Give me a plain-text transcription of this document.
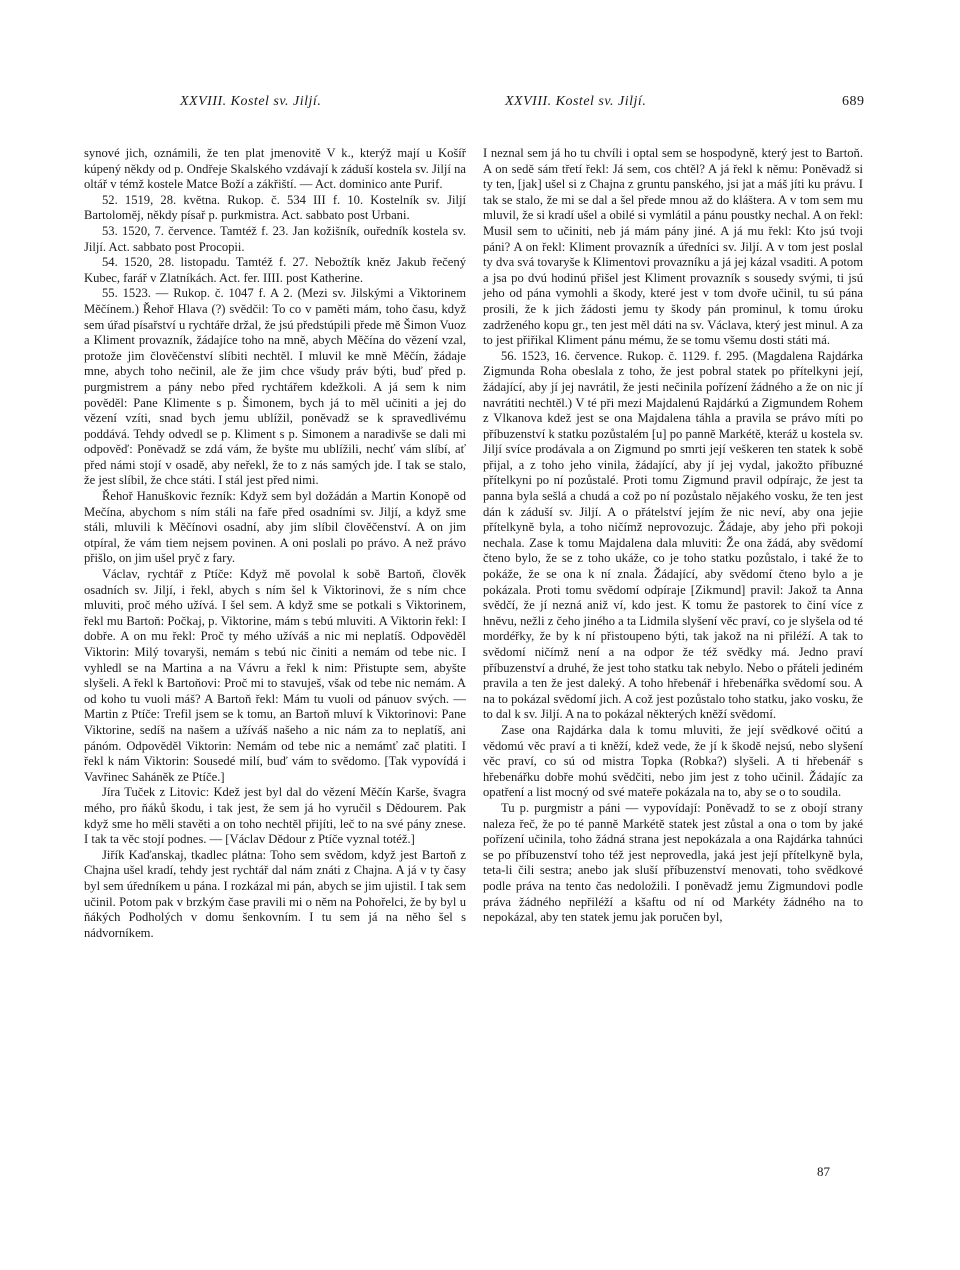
XXVIII. Kostel sv. Jiljí.	XXVIII. Kostel sv. Jiljí.	689

synové jich, oznámili, že ten plat jmenovitě V k., kterýž mají u Košíř kúpený někdy od p. Ondřeje Skalského vzdávají k záduší kostela sv. Jiljí na oltář v témž kostele Matce Boží a zákřiští. — Act. dominico ante Purif.

52. 1519, 28. května. Rukop. č. 534 III f. 10. Kostelník sv. Jiljí Bartoloměj, někdy písař p. purkmistra. Act. sabbato post Urbani.

53. 1520, 7. července. Tamtéž f. 23. Jan kožišník, ouředník kostela sv. Jiljí. Act. sabbato post Procopii.

54. 1520, 28. listopadu. Tamtéž f. 27. Nebožtík kněz Jakub řečený Kubec, farář v Zlatníkách. Act. fer. IIII. post Katherine.

55. 1523. — Rukop. č. 1047 f. A 2. (Mezi sv. Jilskými a Viktorinem Měčínem.) Řehoř Hlava (?) svědčil: To co v paměti mám, toho času, když sem úřad písařství u rychtáře držal, že jsú předstúpili přede mě Šimon Vuoz a Kliment provazník, žádajíce toho na mně, abych Měčína do vězení vzal, protože jim člověčenství slíbiti nechtěl. I mluvil ke mně Měčín, žádaje mne, abych toho nečinil, ale že jim chce všudy práv býti, buď před p. purgmistrem a pány nebo před rychtářem kdežkoli. A já sem k nim pověděl: Pane Klimente s p. Šimonem, bych já to měl učiniti a jej do vězení vzíti, snad bych jemu ublížil, poněvadž se k spravedlivému poddává. Tehdy odvedl se p. Kliment s p. Simonem a naradivše se dali mi odpověď: Poněvadž se zdá vám, že byšte mu ublížili, nechť vám slíbí, ať před námi stojí v osadě, aby neřekl, že to z nás samých jde. I tak se stalo, že jest slíbil, že chce státi. I stál jest před nimi.

Řehoř Hanuškovic řezník: Když sem byl dožádán a Martin Konopě od Mečína, abychom s ním stáli na faře před osadními sv. Jiljí, a když sme stáli, mluvili k Měčínovi osadní, aby jim slíbil člověčenství. A on jim otpíral, že vám tiem nejsem povinen. A oni poslali po právo. A než právo přišlo, on jim ušel pryč z fary.

Václav, rychtář z Ptíče: Když mě povolal k sobě Bartoň, člověk osadních sv. Jiljí, i řekl, abych s ním šel k Viktorinovi, že s ním chce mluviti, proč mého užívá. I šel sem. A když sme se potkali s Viktorinem, řekl mu Bartoň: Počkaj, p. Viktorine, mám s tebú mluviti. A Viktorin řekl: I dobře. A on mu řekl: Proč ty mého užíváš a nic mi neplatíš. Odpověděl Viktorin: Milý tovaryši, nemám s tebú nic činiti a nemám od tebe nic. I vyhledl se na Martina a na Vávru a řekl k nim: Přistupte sem, abyšte slyšeli. A řekl k Bartoňovi: Proč mi to stavuješ, však od tebe nic nemám. A od koho tu vuoli máš? A Bartoň řekl: Mám tu vuoli od pánuov svých. — Martin z Ptíče: Trefil jsem se k tomu, an Bartoň mluví k Viktorinovi: Pane Viktorine, sedíš na našem a užíváš našeho a nic nám za to neplatíš, ani pánóm. Odpověděl Viktorin: Nemám od tebe nic a nemámť zač platiti. I řekl k nám Viktorin: Sousedé milí, buď vám to svědomo. [Tak vypovídá i Vavřinec Saháněk ze Ptíče.]

Jíra Tuček z Litovic: Kdež jest byl dal do vězení Měčín Karše, švagra mého, pro ňáků škodu, i tak jest, že sem já ho vyručil s Dědourem. Pak když sme ho měli stavěti a on toho nechtěl přijíti, leč to na své pány znese. I tak ta věc stojí podnes. — [Václav Dědour z Ptíče vyznal totéž.]

Jiřík Kaďanskaj, tkadlec plátna: Toho sem svědom, když jest Bartoň z Chajna ušel kradí, tehdy jest rychtář dal nám znáti z Chajna. A já v ty časy byl sem úředníkem u pána. I rozkázal mi pán, abych se jim ujistil. I tak sem učinil. Potom pak v brzkým čase pravili mi o něm na Pohořelci, že by byl u ňákých Podholých v domu šenkovním. I tu sem já na něho šel s nádvorníkem.

I neznal sem já ho tu chvíli i optal sem se hospodyně, který jest to Bartoň. A on sedě sám třetí řekl: Já sem, cos chtěl? A já řekl k němu: Poněvadž si ty ten, [jak] ušel si z Chajna z gruntu panského, jsi jat a máš jíti ku právu. I tak se stalo, že mi se dal a šel přede mnou až do kláštera. A v tom sem mu mluvil, že si kradí ušel a obilé si vymlátil a pánu poustky nechal. A on řekl: Musil sem to učiniti, neb já mám pány jiné. A já mu řekl: Kto jsú tvoji páni? A on řekl: Kliment provazník a úředníci sv. Jiljí. A v tom jest poslal ty dva svá tovaryše k Klimentovi provazníku a já jej kázal vsaditi. A potom a jsa po dvú hodinú přišel jest Kliment provazník s sousedy svými, ti jsú jeho od pána vymohli a škody, které jest v tom dvoře učinil, tu sú pána prosili, že k jich žádosti jemu ty škody pán prominul, k tomu úroku zadrženého kopu gr., ten jest měl dáti na sv. Václava, který jest minul. A za to jest přiřikal Kliment pánu mému, že se tomu všemu dosti státi má.

56. 1523, 16. července. Rukop. č. 1129. f. 295. (Magdalena Rajdárka Zigmunda Roha obeslala z toho, že jest pobral statek po přítelkyni její, žádající, aby jí jej navrátil, že jesti nečinila pořízení žádného a že on nic jí navrátiti nechtěl.) V té při mezi Majdalenú Rajdárkú a Zigmundem Rohem z Vlkanova kdež jest se ona Majdalena táhla a pravila se právo míti po příbuzenství k statku pozůstalém [u] po panně Markétě, kteráž u kostela sv. Jiljí svíce prodávala a on Zigmund po smrti její veškeren ten statek k sobě přijal, a z toho jeho vinila, žádající, aby jí jej vydal, jakožto příbuzné přítelkyni po ní pozůstalé. Proti tomu Zigmund pravil odpírajc, že jest ta panna byla sešlá a chudá a což po ní pozůstalo nějakého vosku, že ten jest dán k záduší sv. Jiljí. A o přátelství jejím že nic neví, aby ona jejie přítelkyně byla, a toho ničímž neprovozujc. Žádaje, aby jeho při pokoji nechala. Zase k tomu Majdalena dala mluviti: Že ona žádá, aby svědomí čteno bylo, že se z toho ukáže, co je toho statku pozůstalo, i také že to pokáže, že se ona k ní znala. Žádající, aby svědomí čteno bylo a je pokázala. Proti tomu svědomí odpíraje [Zikmund] pravil: Jakož ta Anna svědčí, že jí nezná aniž ví, kdo jest. K tomu že pastorek to činí více z hněvu, nežli z čeho jiného a ta Lidmila slyšení věc praví, co je slyšela od té mordéřky, že by k ní přistoupeno býti, tak jakož na ni přiléží. A tak to svědomí ničímž není a na odpor že též svědky má. Jedno praví příbuzenství a druhé, že jest toho statku tak nebylo. Nebo o přáteli jediném pravila a ten že jest daleký. A toho hřebenář i hřebenářka svědomí sou. A na to pokázal svědomí jich. A což jest pozůstalo toho statku, jako vosku, že to dal k sv. Jiljí. A na to pokázal některých kněží svědomí.

Zase ona Rajdárka dala k tomu mluviti, že její svědkové očitú a vědomú věc praví a ti kněží, kdež vede, že jí k škodě nejsú, nebo slyšení věc praví, co sú od mistra Topka (Robka?) slyšeli. A ti hřebenář s hřebenářku dobře mohú svědčiti, nebo jim jest z toho učinil. Žádajíc za opatření a list mocný od své mateře pokázala na to, aby se o to soudila.

Tu p. purgmistr a páni — vypovídají: Poněvadž to se z obojí strany naleza řeč, že po té panně Markétě statek jest zůstal a ona o tom by jaké pořízení učinila, toho žádná strana jest nepokázala a ona Rajdárka tahnúci se po příbuzenství toho též jest neprovedla, jaká jest její přítelkyně byla, teta-li čili sestra; anebo jak sluší příbuzenství menovati, toho svědkové podle práva na tento čas nedoložili. I poněvadž jemu Zigmundovi podle práva žádného nepřiléží a kšaftu od ní od Markéty žádného na to nepokázal, aby ten statek jemu jak poručen byl,

87
